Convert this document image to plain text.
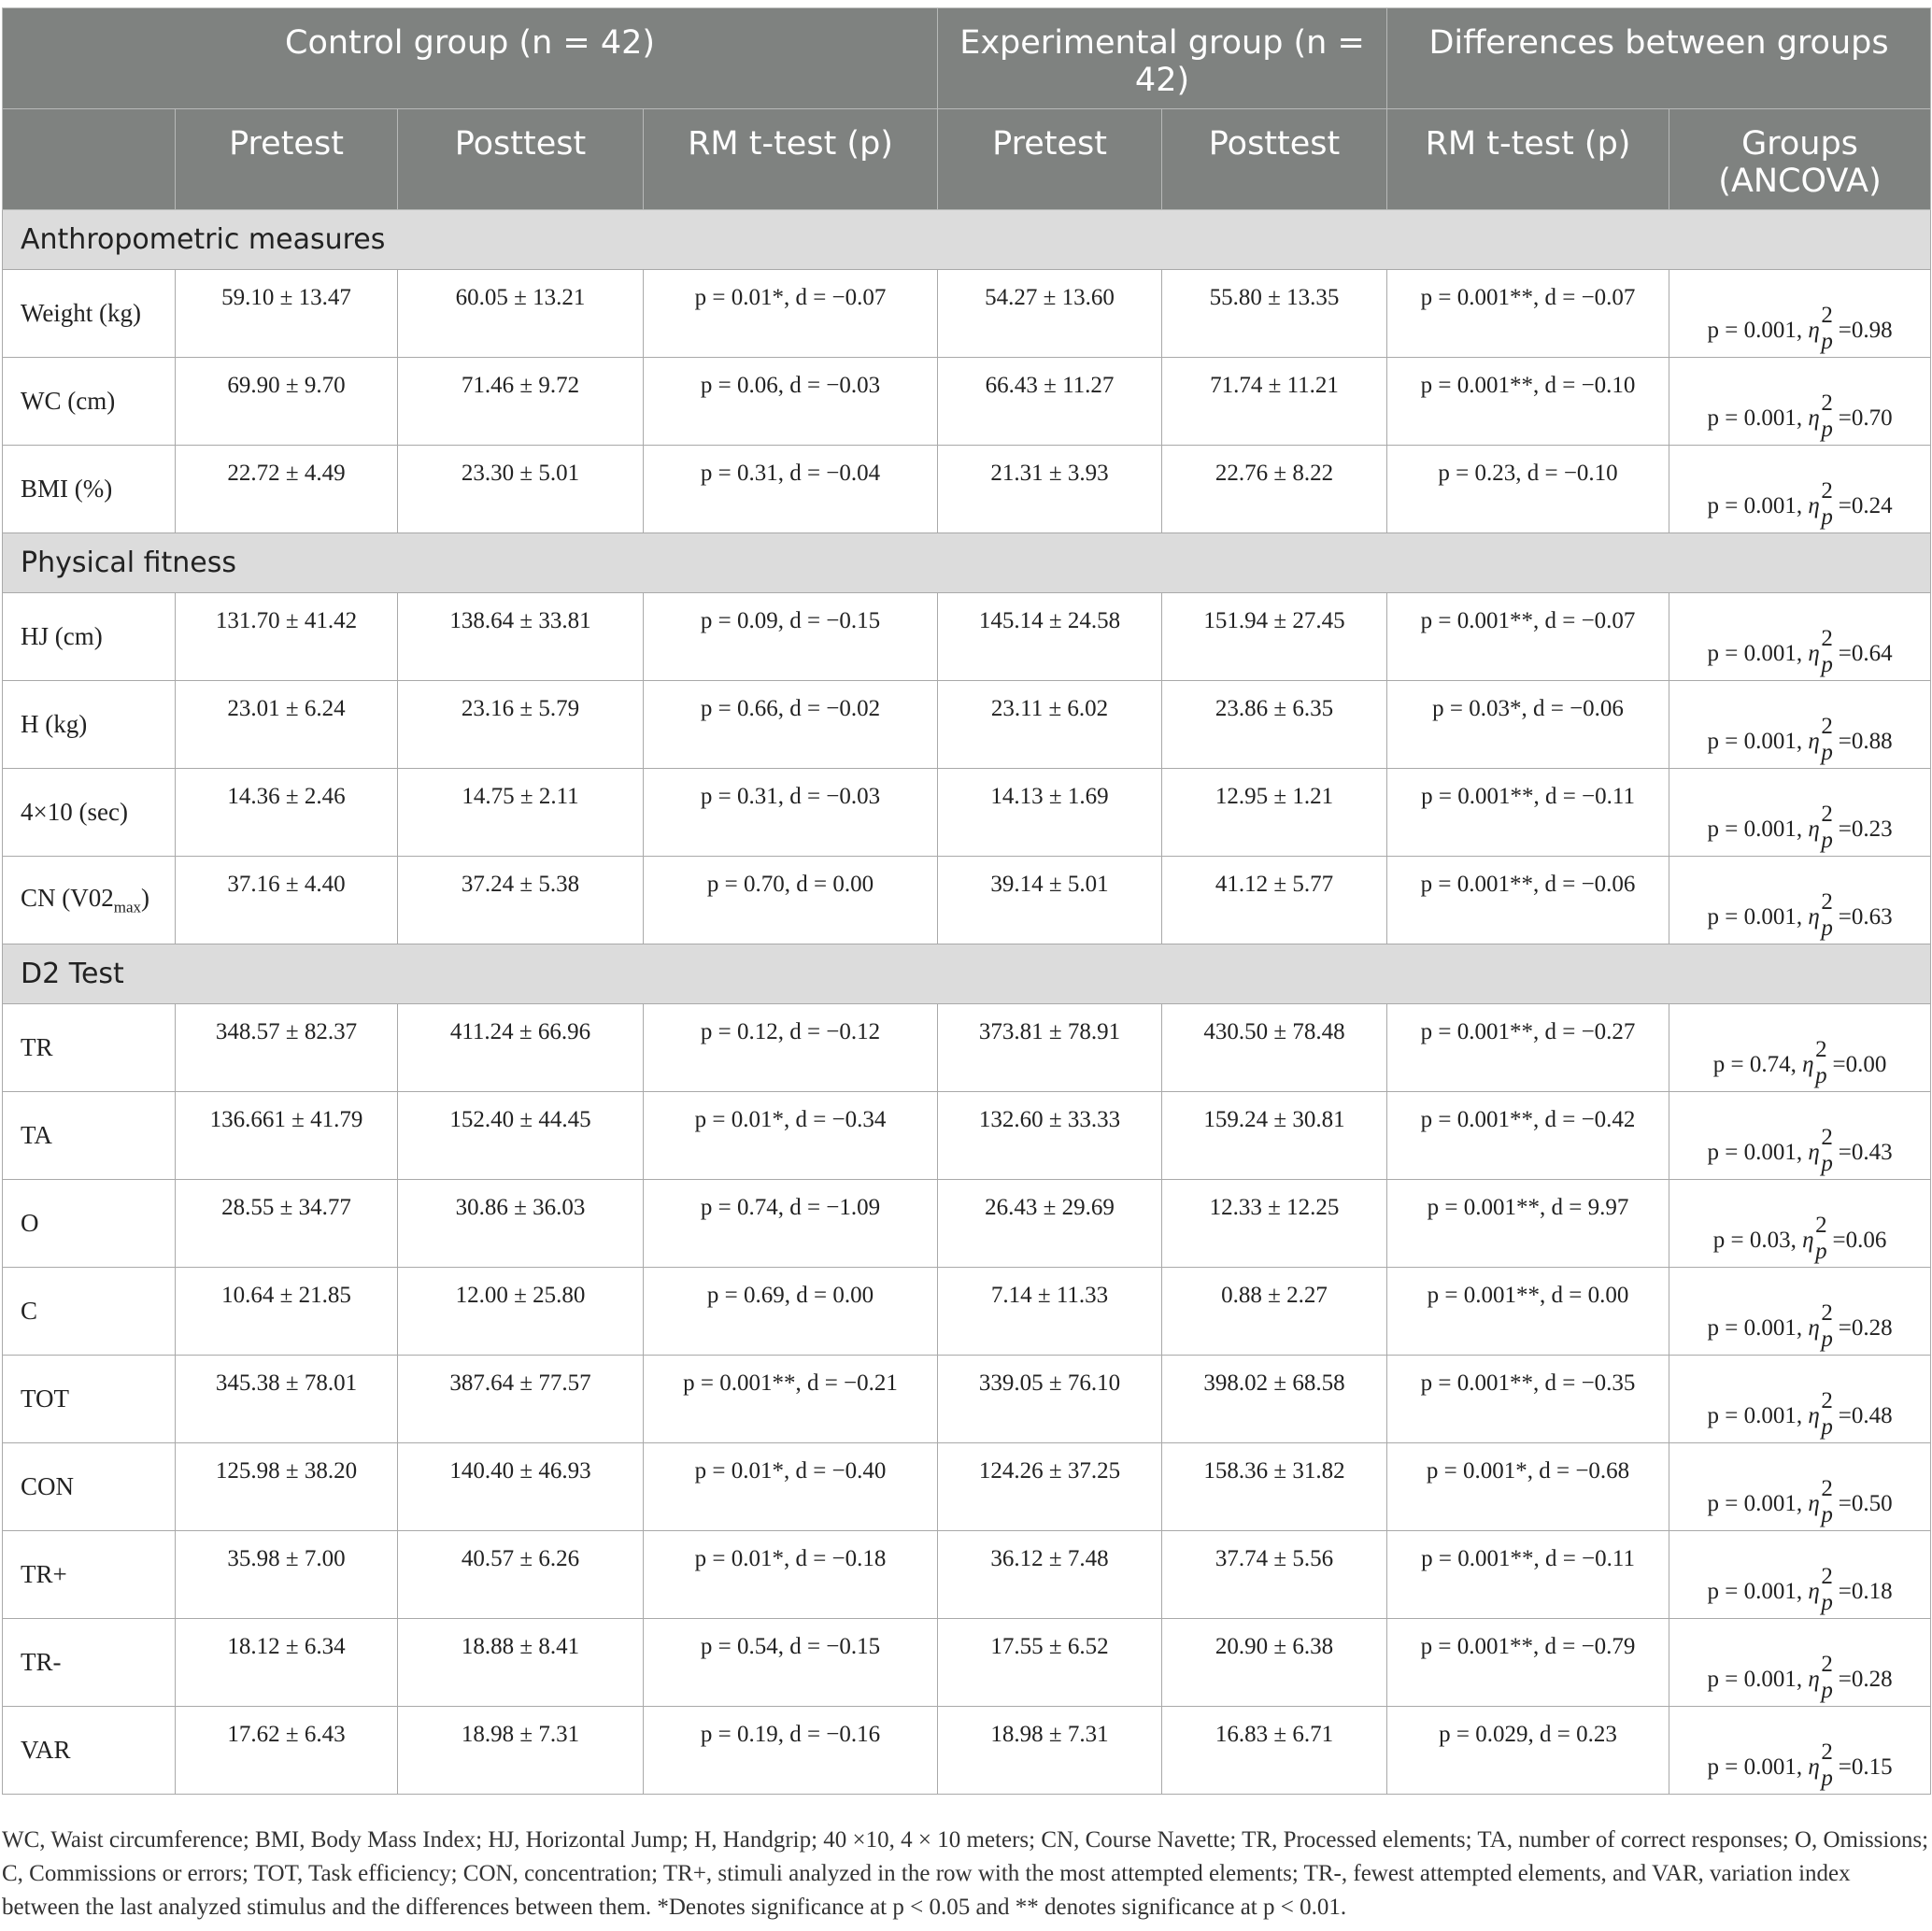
Control group (n = 42)				Experimental group (n = 42)		Differences between groups	
	Pretest	Posttest	RM t-test (p)	Pretest	Posttest	RM t-test (p)	Groups (ANCOVA)
Anthropometric measures							
Weight (kg)	59.10 ± 13.47	60.05 ± 13.21	p = 0.01*, d = −0.07	54.27 ± 13.60	55.80 ± 13.35	p = 0.001**, d = −0.07	p = 0.001, η
2
p =0.98
WC (cm)	69.90 ± 9.70	71.46 ± 9.72	p = 0.06, d = −0.03	66.43 ± 11.27	71.74 ± 11.21	p = 0.001**, d = −0.10	p = 0.001, η
2
p =0.70
BMI (%)	22.72 ± 4.49	23.30 ± 5.01	p = 0.31, d = −0.04	21.31 ± 3.93	22.76 ± 8.22	p = 0.23, d = −0.10	p = 0.001, η
2
p =0.24
Physical fitness							
HJ (cm)	131.70 ± 41.42	138.64 ± 33.81	p = 0.09, d = −0.15	145.14 ± 24.58	151.94 ± 27.45	p = 0.001**, d = −0.07	p = 0.001, η
2
p =0.64
H (kg)	23.01 ± 6.24	23.16 ± 5.79	p = 0.66, d = −0.02	23.11 ± 6.02	23.86 ± 6.35	p = 0.03*, d = −0.06	p = 0.001, η
2
p =0.88
4×10 (sec)	14.36 ± 2.46	14.75 ± 2.11	p = 0.31, d = −0.03	14.13 ± 1.69	12.95 ± 1.21	p = 0.001**, d = −0.11	p = 0.001, η
2
p =0.23
CN $(V02_{max})$	37.16 ± 4.40	37.24 ± 5.38	p = 0.70, d = 0.00	39.14 ± 5.01	41.12 ± 5.77	p = 0.001**, d = −0.06	p = 0.001, η
2
p =0.63
D2 Test							
TR	348.57 ± 82.37	411.24 ± 66.96	p = 0.12, d = −0.12	373.81 ± 78.91	430.50 ± 78.48	p = 0.001**, d = −0.27	p = 0.74, η
2
p =0.00
TA	136.661 ± 41.79	152.40 ± 44.45	p = 0.01*, d = −0.34	132.60 ± 33.33	159.24 ± 30.81	p = 0.001**, d = −0.42	p = 0.001, η
2
p =0.43
O	28.55 ± 34.77	30.86 ± 36.03	p = 0.74, d = −1.09	26.43 ± 29.69	12.33 ± 12.25	p = 0.001**, d = 9.97	p = 0.03, η
2
p =0.06
C	10.64 ± 21.85	12.00 ± 25.80	p = 0.69, d = 0.00	7.14 ± 11.33	0.88 ± 2.27	p = 0.001**, d = 0.00	p = 0.001, η
2
p =0.28
TOT	345.38 ± 78.01	387.64 ± 77.57	p = 0.001**, d = −0.21	339.05 ± 76.10	398.02 ± 68.58	p = 0.001**, d = −0.35	p = 0.001, η
2
p =0.48
CON	125.98 ± 38.20	140.40 ± 46.93	p = 0.01*, d = −0.40	124.26 ± 37.25	158.36 ± 31.82	p = 0.001*, d = −0.68	p = 0.001, η
2
p =0.50
TR+	35.98 ± 7.00	40.57 ± 6.26	p = 0.01*, d = −0.18	36.12 ± 7.48	37.74 ± 5.56	p = 0.001**, d = −0.11	p = 0.001, η
2
p =0.18
TR-	18.12 ± 6.34	18.88 ± 8.41	p = 0.54, d = −0.15	17.55 ± 6.52	20.90 ± 6.38	p = 0.001**, d = −0.79	p = 0.001, η
2
p =0.28
VAR	17.62 ± 6.43	18.98 ± 7.31	p = 0.19, d = −0.16	18.98 ± 7.31	16.83 ± 6.71	p = 0.029, d = 0.23	p = 0.001, η
2
p =0.15
WC, Waist circumference; BMI, Body Mass Index; HJ, Horizontal Jump; H, Handgrip; 40 ×10, 4 × 10 meters; CN, Course Navette; TR, Processed elements; TA, number of correct responses; O, Omissions; C, Commissions or errors; TOT, Task efficiency; CON, concentration; TR+, stimuli analyzed in the row with the most attempted elements; TR-, fewest attempted elements, and VAR, variation index between the last analyzed stimulus and the differences between them. *Denotes significance at p < 0.05 and ** denotes significance at p < 0.01.
